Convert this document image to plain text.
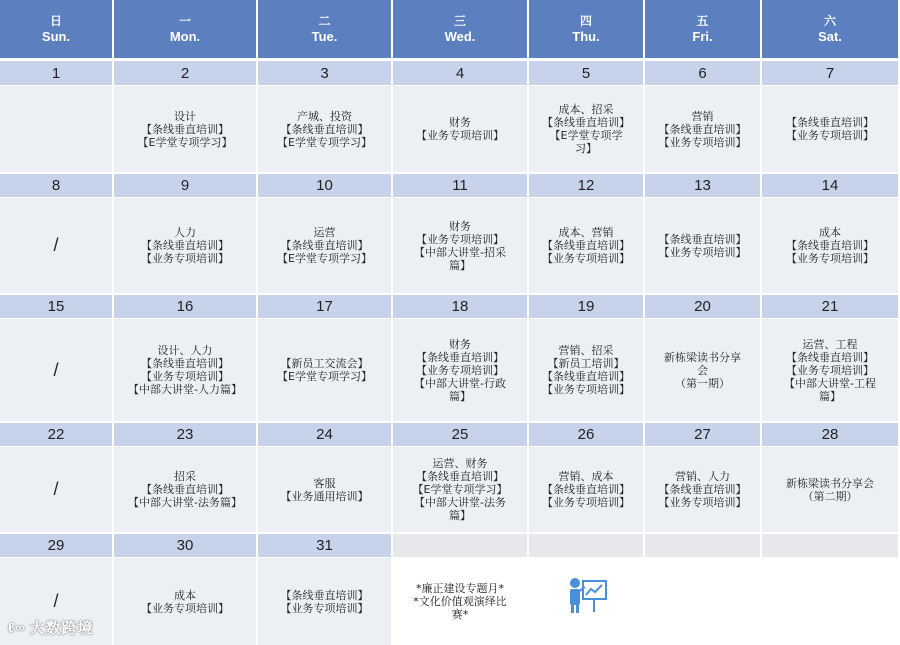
日
Sun.
一
Mon.
二
Tue.
三
Wed.
四
Thu.
五
Fri.
六
Sat.
1	2
设计
【条线垂直培训】
【E学堂专项学习】
3
产城、投资
【条线垂直培训】
【E学堂专项学习】
4
财务
【业务专项培训】
5
成本、招采
【条线垂直培训】
【E学堂专项学
习】
6
营销
【条线垂直培训】
【业务专项培训】
7
【条线垂直培训】
【业务专项培训】
8
/
9
人力
【条线垂直培训】
【业务专项培训】
10
运营
【条线垂直培训】
【E学堂专项学习】
11
财务
【业务专项培训】
【中部大讲堂-招采
篇】
12
成本、营销
【条线垂直培训】
【业务专项培训】
13
【条线垂直培训】
【业务专项培训】
14
成本
【条线垂直培训】
【业务专项培训】
15
/
16
设计、人力
【条线垂直培训】
【业务专项培训】
【中部大讲堂-人力篇】
17
【新员工交流会】
【E学堂专项学习】
18
财务
【条线垂直培训】
【业务专项培训】
【中部大讲堂-行政
篇】
19
营销、招采
【新员工培训】
【条线垂直培训】
【业务专项培训】
20
新栋梁读书分享
会
（第一期）
21
运营、工程
【条线垂直培训】
【业务专项培训】
【中部大讲堂-工程
篇】
22
/
23
招采
【条线垂直培训】
【中部大讲堂-法务篇】
24
客服
【业务通用培训】
25
运营、财务
【条线垂直培训】
【E学堂专项学习】
【中部大讲堂-法务
篇】
26
营销、成本
【条线垂直培训】
【业务专项培训】
27
营销、人力
【条线垂直培训】
【业务专项培训】
28
新栋梁读书分享会
（第二期）
29
/
30
成本
【业务专项培训】
31
【条线垂直培训】
【业务专项培训】
*廉正建设专题月*
*文化价值观演绎比
赛*
ℓ∞ 大数跨境
